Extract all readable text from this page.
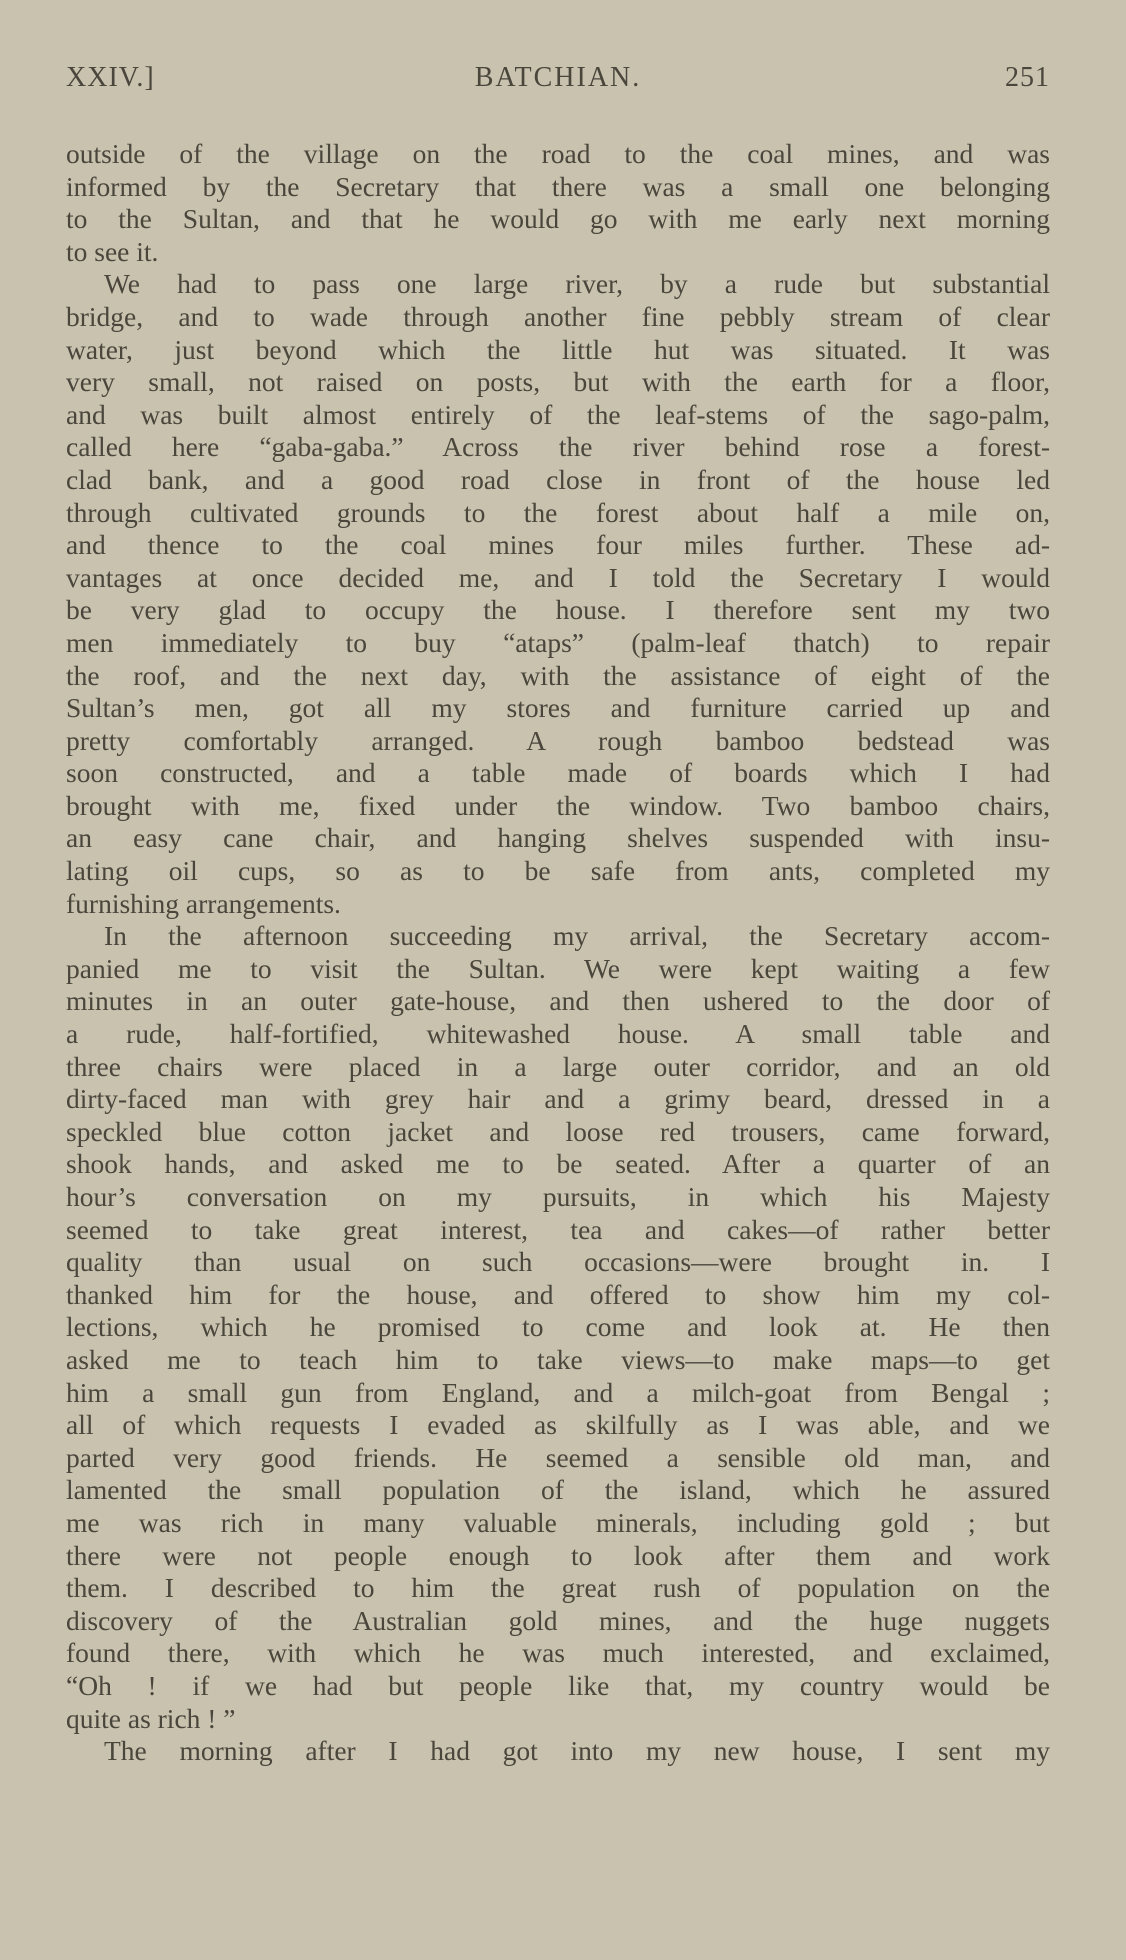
XXIV.]	BATCHIAN.	251
outside of the village on the road to the coal mines, and was
informed by the Secretary that there was a small one belonging
to the Sultan, and that he would go with me early next morning
to see it.
We had to pass one large river, by a rude but substantial
bridge, and to wade through another fine pebbly stream of clear
water, just beyond which the little hut was situated. It was
very small, not raised on posts, but with the earth for a floor,
and was built almost entirely of the leaf-stems of the sago-palm,
called here “gaba-gaba.” Across the river behind rose a forest-
clad bank, and a good road close in front of the house led
through cultivated grounds to the forest about half a mile on,
and thence to the coal mines four miles further. These ad-
vantages at once decided me, and I told the Secretary I would
be very glad to occupy the house. I therefore sent my two
men immediately to buy “ataps” (palm-leaf thatch) to repair
the roof, and the next day, with the assistance of eight of the
Sultan’s men, got all my stores and furniture carried up and
pretty comfortably arranged. A rough bamboo bedstead was
soon constructed, and a table made of boards which I had
brought with me, fixed under the window. Two bamboo chairs,
an easy cane chair, and hanging shelves suspended with insu-
lating oil cups, so as to be safe from ants, completed my
furnishing arrangements.
In the afternoon succeeding my arrival, the Secretary accom-
panied me to visit the Sultan. We were kept waiting a few
minutes in an outer gate-house, and then ushered to the door of
a rude, half-fortified, whitewashed house. A small table and
three chairs were placed in a large outer corridor, and an old
dirty-faced man with grey hair and a grimy beard, dressed in a
speckled blue cotton jacket and loose red trousers, came forward,
shook hands, and asked me to be seated. After a quarter of an
hour’s conversation on my pursuits, in which his Majesty
seemed to take great interest, tea and cakes—of rather better
quality than usual on such occasions—were brought in. I
thanked him for the house, and offered to show him my col-
lections, which he promised to come and look at. He then
asked me to teach him to take views—to make maps—to get
him a small gun from England, and a milch-goat from Bengal ;
all of which requests I evaded as skilfully as I was able, and we
parted very good friends. He seemed a sensible old man, and
lamented the small population of the island, which he assured
me was rich in many valuable minerals, including gold ; but
there were not people enough to look after them and work
them. I described to him the great rush of population on the
discovery of the Australian gold mines, and the huge nuggets
found there, with which he was much interested, and exclaimed,
“Oh ! if we had but people like that, my country would be
quite as rich ! ”
The morning after I had got into my new house, I sent my
